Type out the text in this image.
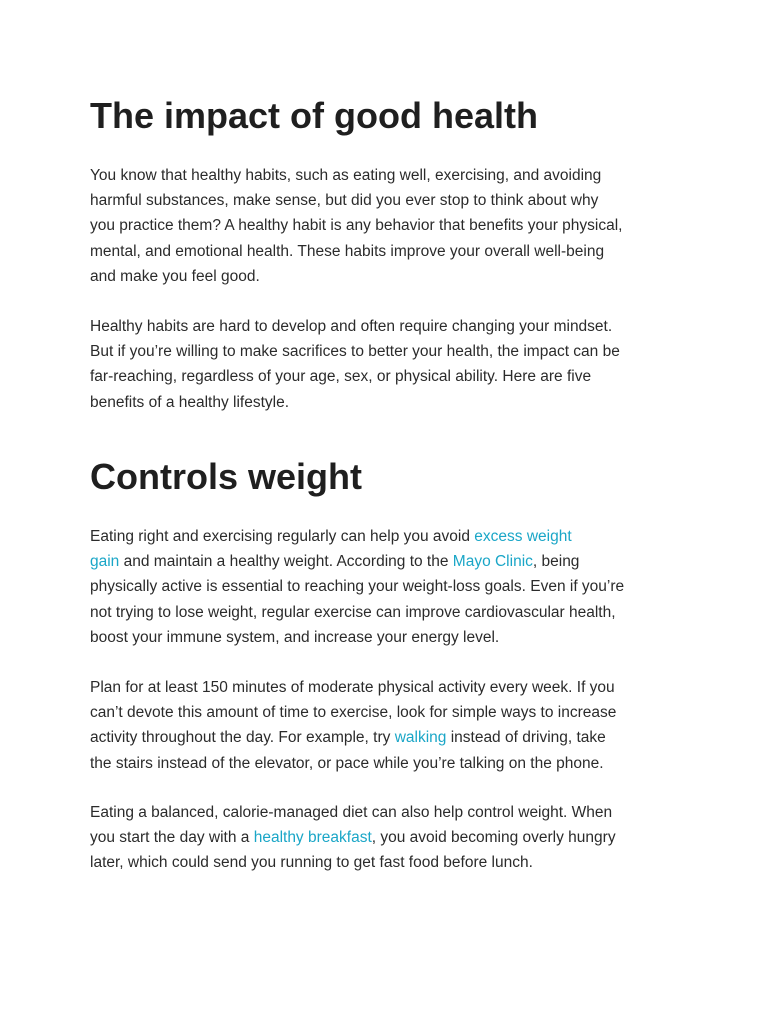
The impact of good health

You know that healthy habits, such as eating well, exercising, and avoiding
harmful substances, make sense, but did you ever stop to think about why
you practice them? A healthy habit is any behavior that benefits your physical,
mental, and emotional health. These habits improve your overall well-being
and make you feel good.

Healthy habits are hard to develop and often require changing your mindset.
But if you’re willing to make sacrifices to better your health, the impact can be
far-reaching, regardless of your age, sex, or physical ability. Here are five
benefits of a healthy lifestyle.

Controls weight

Eating right and exercising regularly can help you avoid excess weight
gain and maintain a healthy weight. According to the Mayo Clinic, being
physically active is essential to reaching your weight-loss goals. Even if you’re
not trying to lose weight, regular exercise can improve cardiovascular health,
boost your immune system, and increase your energy level.

Plan for at least 150 minutes of moderate physical activity every week. If you
can’t devote this amount of time to exercise, look for simple ways to increase
activity throughout the day. For example, try walking instead of driving, take
the stairs instead of the elevator, or pace while you’re talking on the phone.

Eating a balanced, calorie-managed diet can also help control weight. When
you start the day with a healthy breakfast, you avoid becoming overly hungry
later, which could send you running to get fast food before lunch.
